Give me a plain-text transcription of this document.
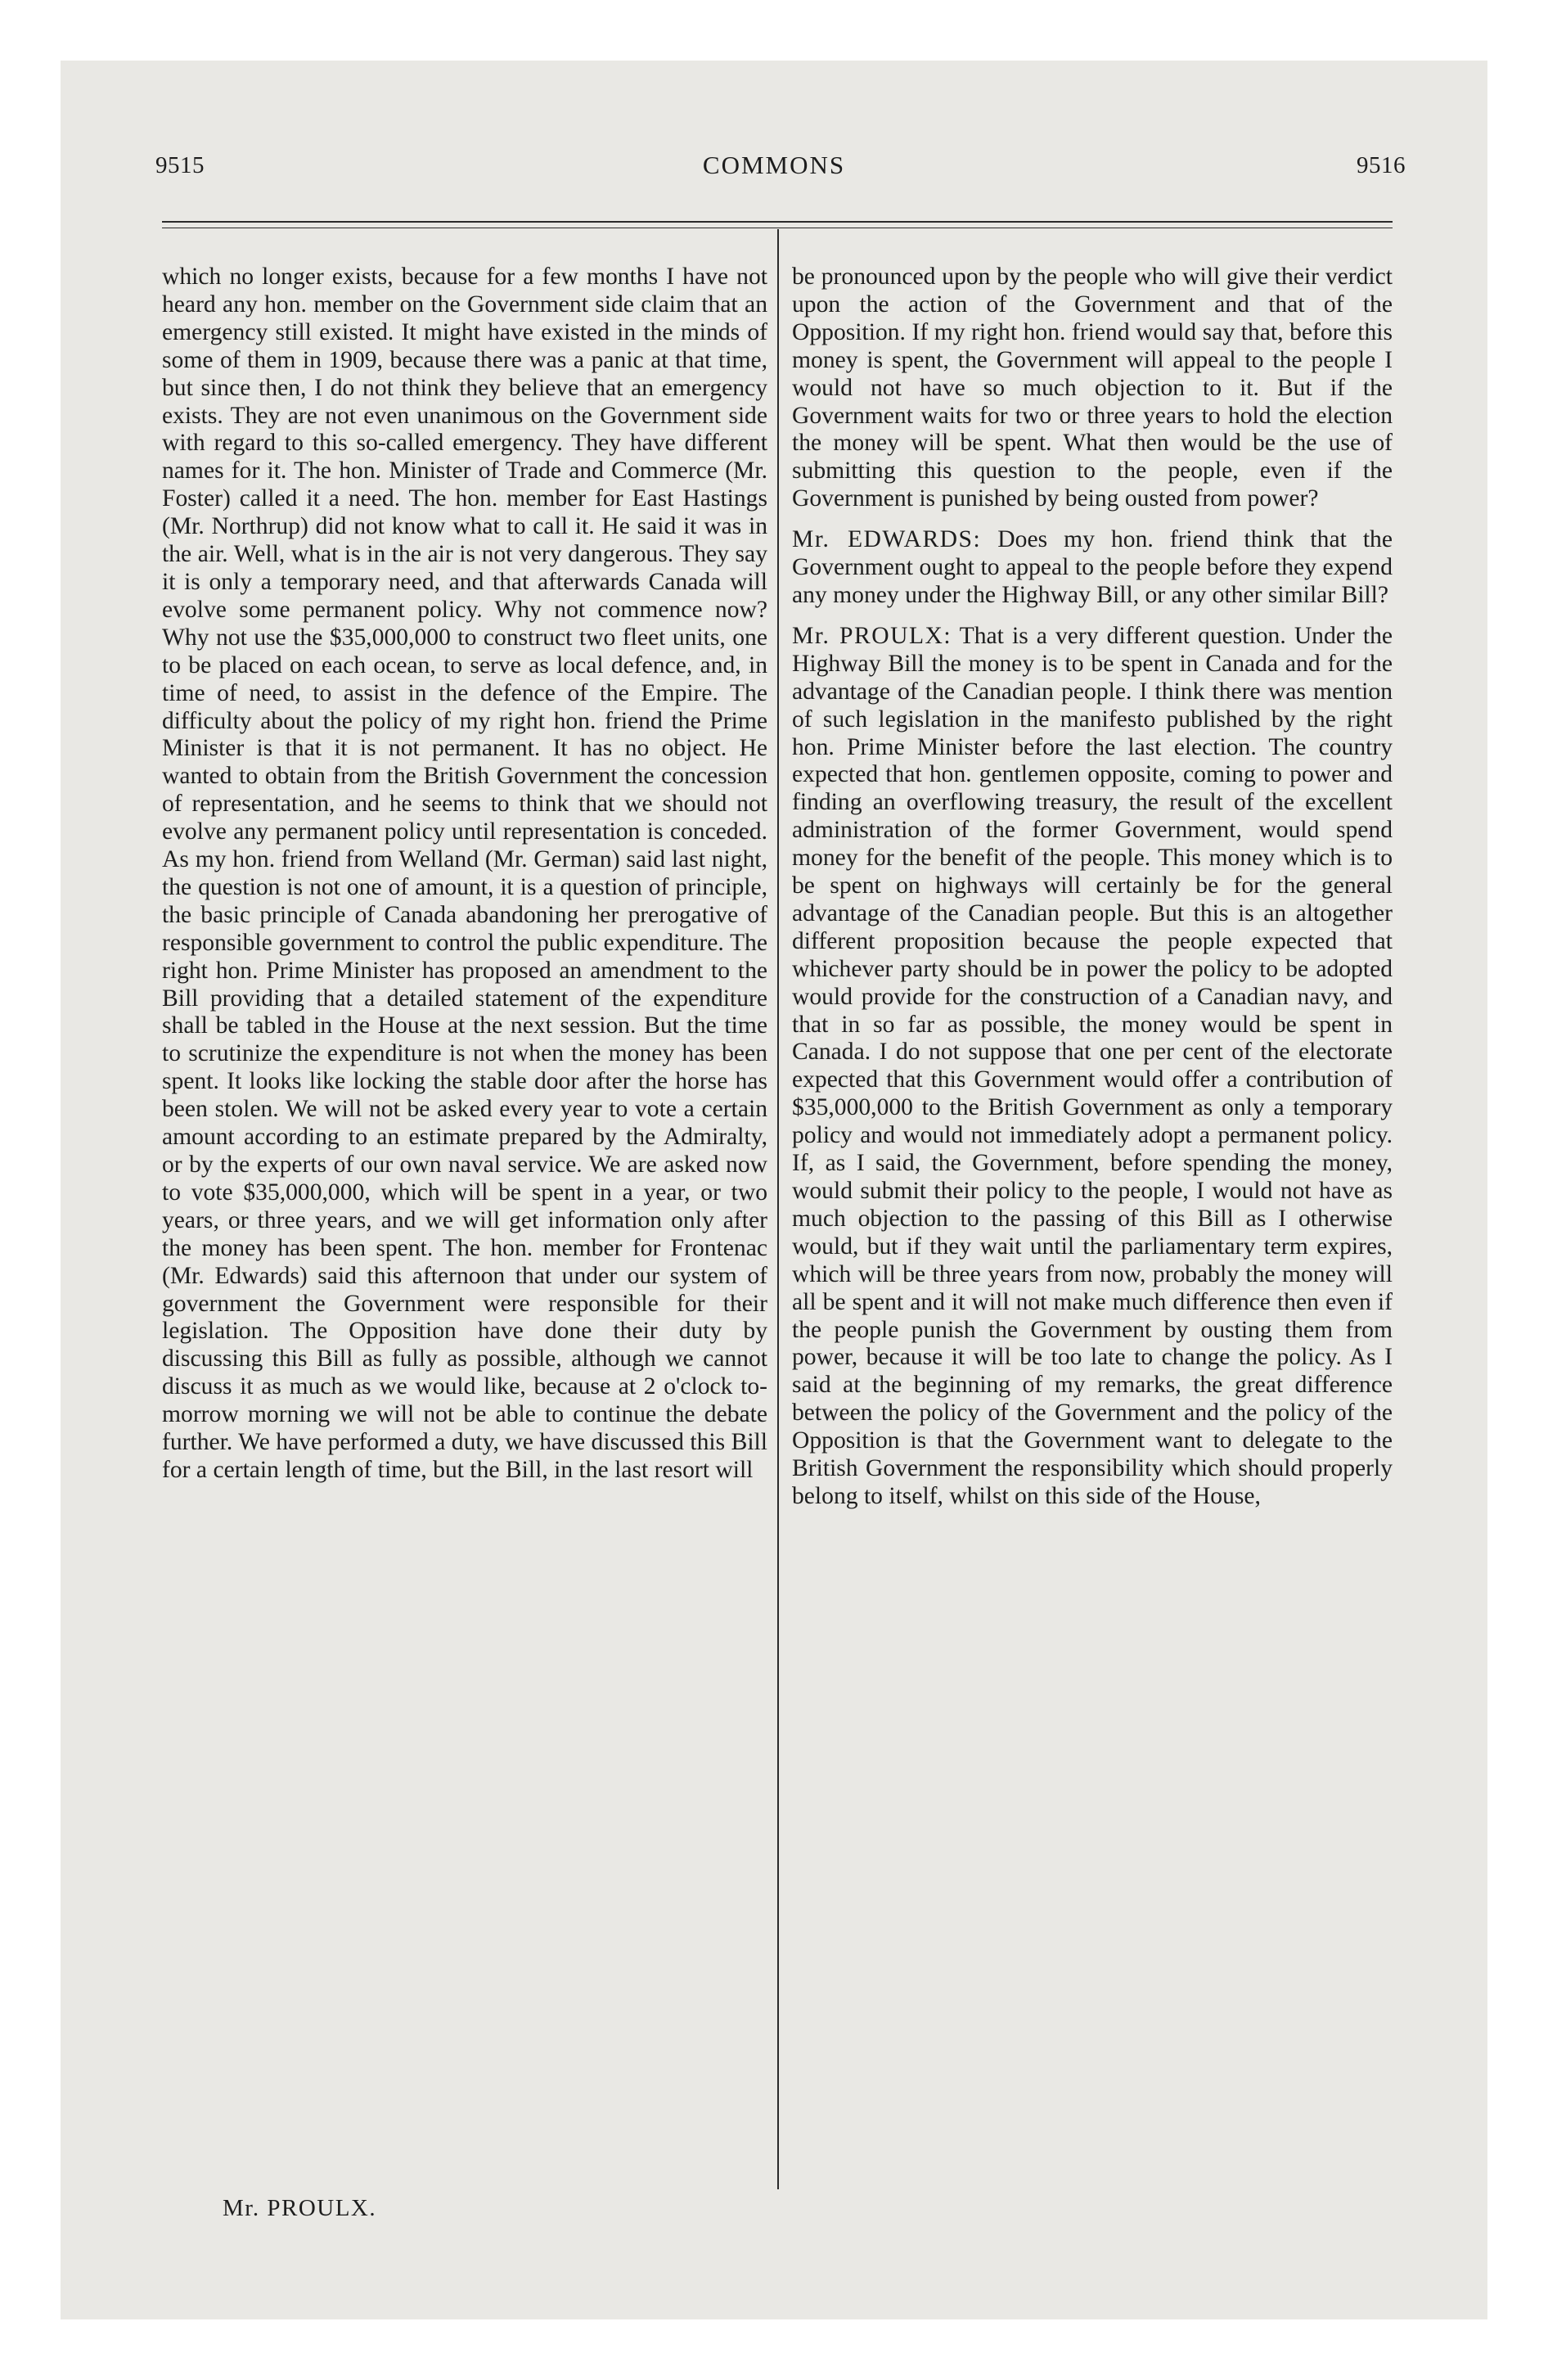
9515	COMMONS	9516

which no longer exists, because for a few months I have not heard any hon. member on the Government side claim that an emergency still existed. It might have existed in the minds of some of them in 1909, because there was a panic at that time, but since then, I do not think they believe that an emergency exists. They are not even unanimous on the Government side with regard to this so-called emergency. They have different names for it. The hon. Minister of Trade and Commerce (Mr. Foster) called it a need. The hon. member for East Hastings (Mr. Northrup) did not know what to call it. He said it was in the air. Well, what is in the air is not very dangerous. They say it is only a temporary need, and that afterwards Canada will evolve some permanent policy. Why not commence now? Why not use the $35,000,000 to construct two fleet units, one to be placed on each ocean, to serve as local defence, and, in time of need, to assist in the defence of the Empire. The difficulty about the policy of my right hon. friend the Prime Minister is that it is not permanent. It has no object. He wanted to obtain from the British Government the concession of representation, and he seems to think that we should not evolve any permanent policy until representation is conceded. As my hon. friend from Welland (Mr. German) said last night, the question is not one of amount, it is a question of principle, the basic principle of Canada abandoning her prerogative of responsible government to control the public expenditure. The right hon. Prime Minister has proposed an amendment to the Bill providing that a detailed statement of the expenditure shall be tabled in the House at the next session. But the time to scrutinize the expenditure is not when the money has been spent. It looks like locking the stable door after the horse has been stolen. We will not be asked every year to vote a certain amount according to an estimate prepared by the Admiralty, or by the experts of our own naval service. We are asked now to vote $35,000,000, which will be spent in a year, or two years, or three years, and we will get information only after the money has been spent. The hon. member for Frontenac (Mr. Edwards) said this afternoon that under our system of government the Government were responsible for their legislation. The Opposition have done their duty by discussing this Bill as fully as possible, although we cannot discuss it as much as we would like, because at 2 o'clock to-morrow morning we will not be able to continue the debate further. We have performed a duty, we have discussed this Bill for a certain length of time, but the Bill, in the last resort will

be pronounced upon by the people who will give their verdict upon the action of the Government and that of the Opposition. If my right hon. friend would say that, before this money is spent, the Government will appeal to the people I would not have so much objection to it. But if the Government waits for two or three years to hold the election the money will be spent. What then would be the use of submitting this question to the people, even if the Government is punished by being ousted from power?

Mr. EDWARDS: Does my hon. friend think that the Government ought to appeal to the people before they expend any money under the Highway Bill, or any other similar Bill?

Mr. PROULX: That is a very different question. Under the Highway Bill the money is to be spent in Canada and for the advantage of the Canadian people. I think there was mention of such legislation in the manifesto published by the right hon. Prime Minister before the last election. The country expected that hon. gentlemen opposite, coming to power and finding an overflowing treasury, the result of the excellent administration of the former Government, would spend money for the benefit of the people. This money which is to be spent on highways will certainly be for the general advantage of the Canadian people. But this is an altogether different proposition because the people expected that whichever party should be in power the policy to be adopted would provide for the construction of a Canadian navy, and that in so far as possible, the money would be spent in Canada. I do not suppose that one per cent of the electorate expected that this Government would offer a contribution of $35,000,000 to the British Government as only a temporary policy and would not immediately adopt a permanent policy. If, as I said, the Government, before spending the money, would submit their policy to the people, I would not have as much objection to the passing of this Bill as I otherwise would, but if they wait until the parliamentary term expires, which will be three years from now, probably the money will all be spent and it will not make much difference then even if the people punish the Government by ousting them from power, because it will be too late to change the policy. As I said at the beginning of my remarks, the great difference between the policy of the Government and the policy of the Opposition is that the Government want to delegate to the British Government the responsibility which should properly belong to itself, whilst on this side of the House,

Mr. PROULX.
